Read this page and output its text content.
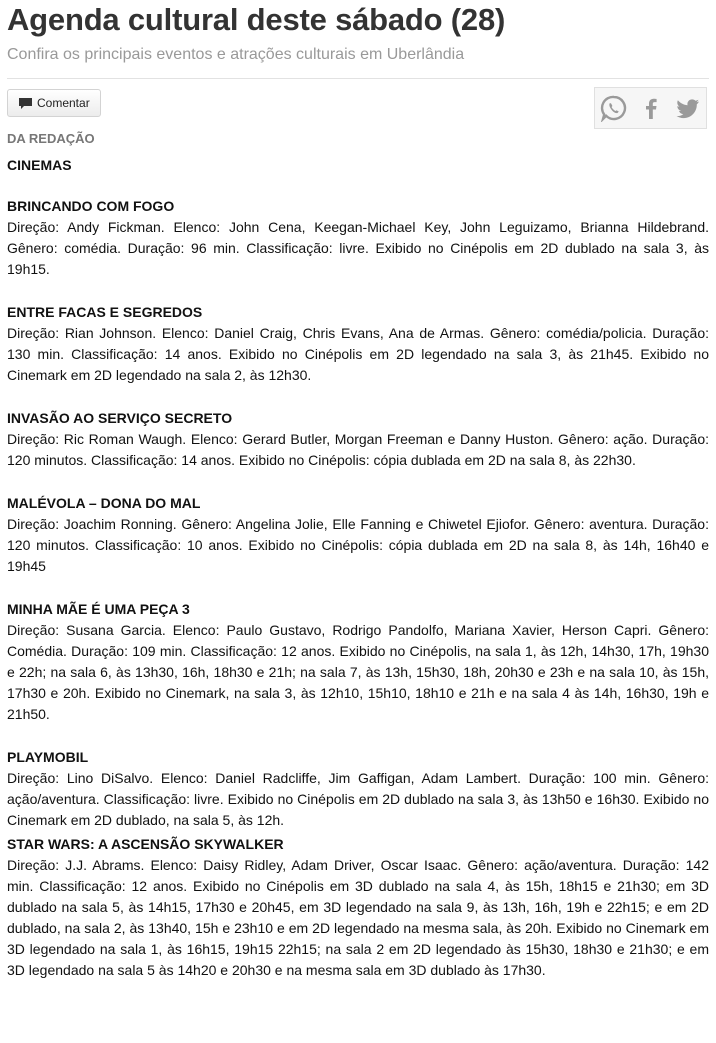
Agenda cultural deste sábado (28)
Confira os principais eventos e atrações culturais em Uberlândia
Comentar
DA REDAÇÃO
CINEMAS
BRINCANDO COM FOGO
Direção: Andy Fickman. Elenco: John Cena, Keegan-Michael Key, John Leguizamo, Brianna Hildebrand. Gênero: comédia. Duração: 96 min. Classificação: livre. Exibido no Cinépolis em 2D dublado na sala 3, às 19h15.
ENTRE FACAS E SEGREDOS
Direção: Rian Johnson. Elenco: Daniel Craig, Chris Evans, Ana de Armas. Gênero: comédia/policia. Duração: 130 min. Classificação: 14 anos. Exibido no Cinépolis em 2D legendado na sala 3, às 21h45. Exibido no Cinemark em 2D legendado na sala 2, às 12h30.
INVASÃO AO SERVIÇO SECRETO
Direção: Ric Roman Waugh. Elenco: Gerard Butler, Morgan Freeman e Danny Huston. Gênero: ação. Duração: 120 minutos. Classificação: 14 anos. Exibido no Cinépolis: cópia dublada em 2D na sala 8, às 22h30.
MALÉVOLA – DONA DO MAL
Direção: Joachim Ronning. Gênero: Angelina Jolie, Elle Fanning e Chiwetel Ejiofor. Gênero: aventura. Duração: 120 minutos. Classificação: 10 anos. Exibido no Cinépolis: cópia dublada em 2D na sala 8, às 14h, 16h40 e 19h45
MINHA MÃE É UMA PEÇA 3
Direção: Susana Garcia. Elenco: Paulo Gustavo, Rodrigo Pandolfo, Mariana Xavier, Herson Capri. Gênero: Comédia. Duração: 109 min. Classificação: 12 anos. Exibido no Cinépolis, na sala 1, às 12h, 14h30, 17h, 19h30 e 22h; na sala 6, às 13h30, 16h, 18h30 e 21h; na sala 7, às 13h, 15h30, 18h, 20h30 e 23h e na sala 10, às 15h, 17h30 e 20h. Exibido no Cinemark, na sala 3, às 12h10, 15h10, 18h10 e 21h e na sala 4 às 14h, 16h30, 19h e 21h50.
PLAYMOBIL
Direção: Lino DiSalvo. Elenco: Daniel Radcliffe, Jim Gaffigan, Adam Lambert. Duração: 100 min. Gênero: ação/aventura. Classificação: livre. Exibido no Cinépolis em 2D dublado na sala 3, às 13h50 e 16h30. Exibido no Cinemark em 2D dublado, na sala 5, às 12h.
STAR WARS: A ASCENSÃO SKYWALKER
Direção: J.J. Abrams. Elenco: Daisy Ridley, Adam Driver, Oscar Isaac. Gênero: ação/aventura. Duração: 142 min. Classificação: 12 anos. Exibido no Cinépolis em 3D dublado na sala 4, às 15h, 18h15 e 21h30; em 3D dublado na sala 5, às 14h15, 17h30 e 20h45, em 3D legendado na sala 9, às 13h, 16h, 19h e 22h15; e em 2D dublado, na sala 2, às 13h40, 15h e 23h10 e em 2D legendado na mesma sala, às 20h. Exibido no Cinemark em 3D legendado na sala 1, às 16h15, 19h15 22h15; na sala 2 em 2D legendado às 15h30, 18h30 e 21h30; e em 3D legendado na sala 5 às 14h20 e 20h30 e na mesma sala em 3D dublado às 17h30.
